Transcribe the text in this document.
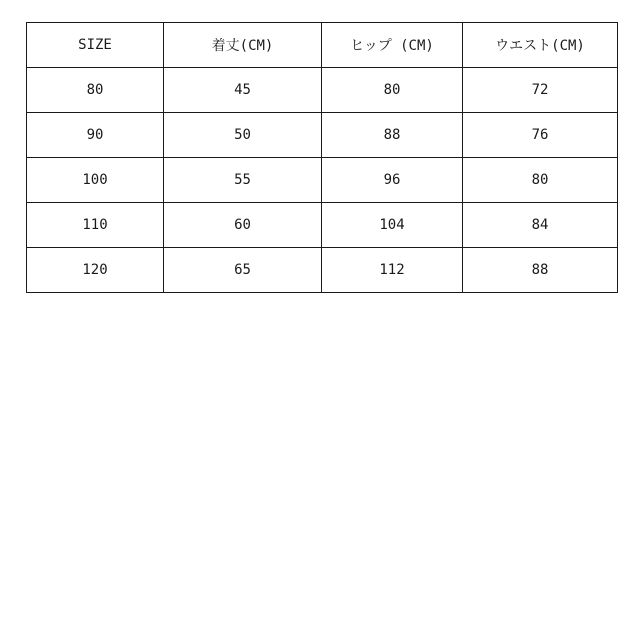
SIZE	着丈(CM)	ヒップ (CM)	ウエスト(CM)
80	45	80	72
90	50	88	76
100	55	96	80
110	60	104	84
120	65	112	88
